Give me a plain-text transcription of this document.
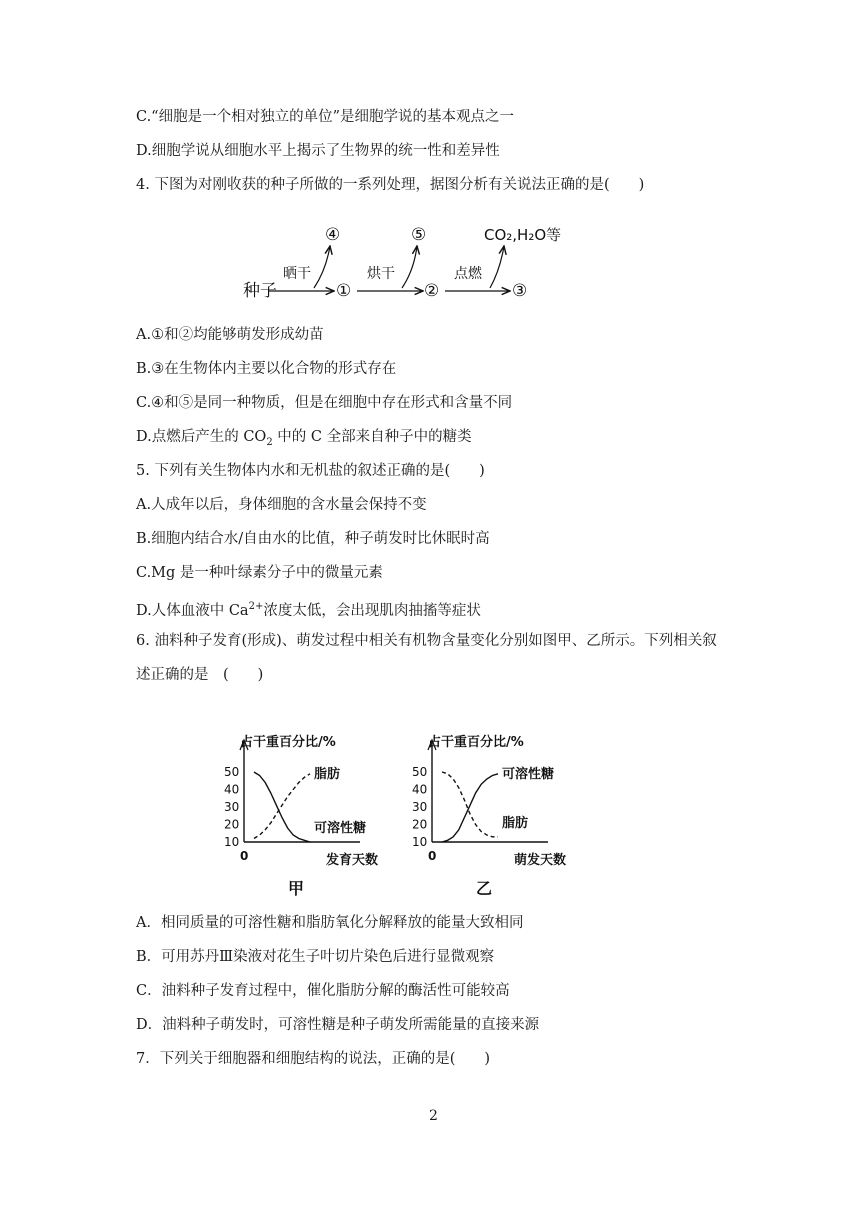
C.“细胞是一个相对独立的单位”是细胞学说的基本观点之一
D.细胞学说从细胞水平上揭示了生物界的统一性和差异性
4. 下图为对刚收获的种子所做的一系列处理，据图分析有关说法正确的是(　　)
种子
晒干
①
④
烘干
②
⑤
点燃
③
CO₂,H₂O等
A.①和②均能够萌发形成幼苗
B.③在生物体内主要以化合物的形式存在
C.④和⑤是同一种物质，但是在细胞中存在形式和含量不同
D.点燃后产生的 $CO_2$ 中的 C 全部来自种子中的糖类
5. 下列有关生物体内水和无机盐的叙述正确的是(　　)
A.人成年以后，身体细胞的含水量会保持不变
B.细胞内结合水/自由水的比值，种子萌发时比休眠时高
C.Mg 是一种叶绿素分子中的微量元素
D.人体血液中 $Ca^{2+}$浓度太低，会出现肌肉抽搐等症状
6. 油料种子发育(形成)、萌发过程中相关有机物含量变化分别如图甲、乙所示。下列相关叙
述正确的是　(　　)
占干重百分比/%
发育天数
0
10
20
30
40
50	脂肪
可溶性糖
甲
占干重百分比/%
萌发天数
0
10
20
30
40
50	可溶性糖
脂肪
乙
A．相同质量的可溶性糖和脂肪氧化分解释放的能量大致相同
B．可用苏丹Ⅲ染液对花生子叶切片染色后进行显微观察
C．油料种子发育过程中，催化脂肪分解的酶活性可能较高
D．油料种子萌发时，可溶性糖是种子萌发所需能量的直接来源
7．下列关于细胞器和细胞结构的说法，正确的是(　　)
2
